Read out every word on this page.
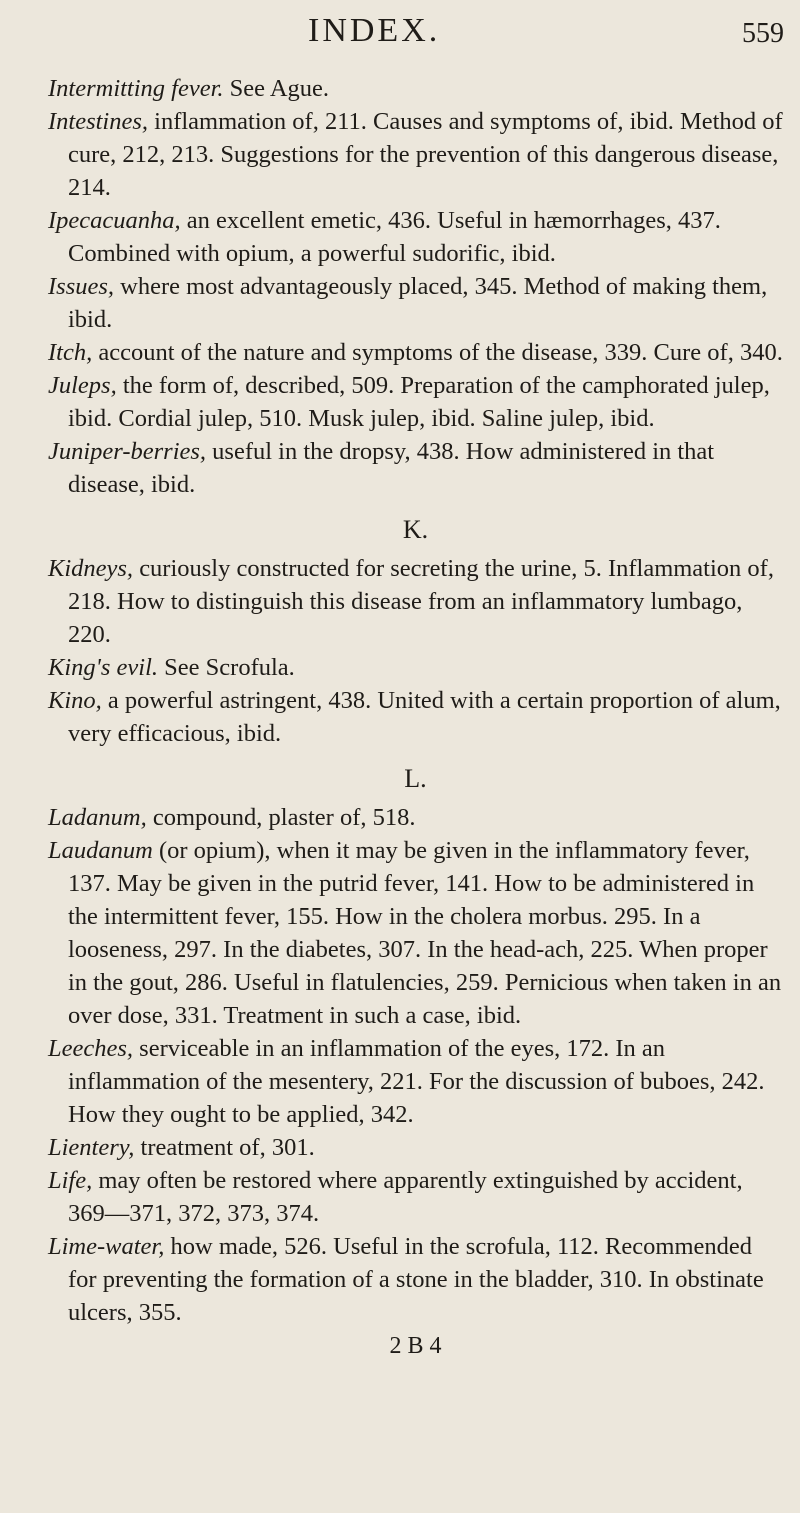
INDEX.	559

Intermitting fever. See Ague.

Intestines, inflammation of, 211. Causes and symptoms of, ibid. Method of cure, 212, 213. Suggestions for the prevention of this dangerous disease, 214.

Ipecacuanha, an excellent emetic, 436. Useful in hæmorrhages, 437. Combined with opium, a powerful sudorific, ibid.

Issues, where most advantageously placed, 345. Method of making them, ibid.

Itch, account of the nature and symptoms of the disease, 339. Cure of, 340.

Juleps, the form of, described, 509. Preparation of the camphorated julep, ibid. Cordial julep, 510. Musk julep, ibid. Saline julep, ibid.

Juniper-berries, useful in the dropsy, 438. How administered in that disease, ibid.

K.

Kidneys, curiously constructed for secreting the urine, 5. Inflammation of, 218. How to distinguish this disease from an inflammatory lumbago, 220.

King's evil. See Scrofula.

Kino, a powerful astringent, 438. United with a certain proportion of alum, very efficacious, ibid.

L.

Ladanum, compound, plaster of, 518.

Laudanum (or opium), when it may be given in the inflammatory fever, 137. May be given in the putrid fever, 141. How to be administered in the intermittent fever, 155. How in the cholera morbus. 295. In a looseness, 297. In the diabetes, 307. In the head-ach, 225. When proper in the gout, 286. Useful in flatulencies, 259. Pernicious when taken in an over dose, 331. Treatment in such a case, ibid.

Leeches, serviceable in an inflammation of the eyes, 172. In an inflammation of the mesentery, 221. For the discussion of buboes, 242. How they ought to be applied, 342.

Lientery, treatment of, 301.

Life, may often be restored where apparently extinguished by accident, 369—371, 372, 373, 374.

Lime-water, how made, 526. Useful in the scrofula, 112. Recommended for preventing the formation of a stone in the bladder, 310. In obstinate ulcers, 355.

2 B 4
